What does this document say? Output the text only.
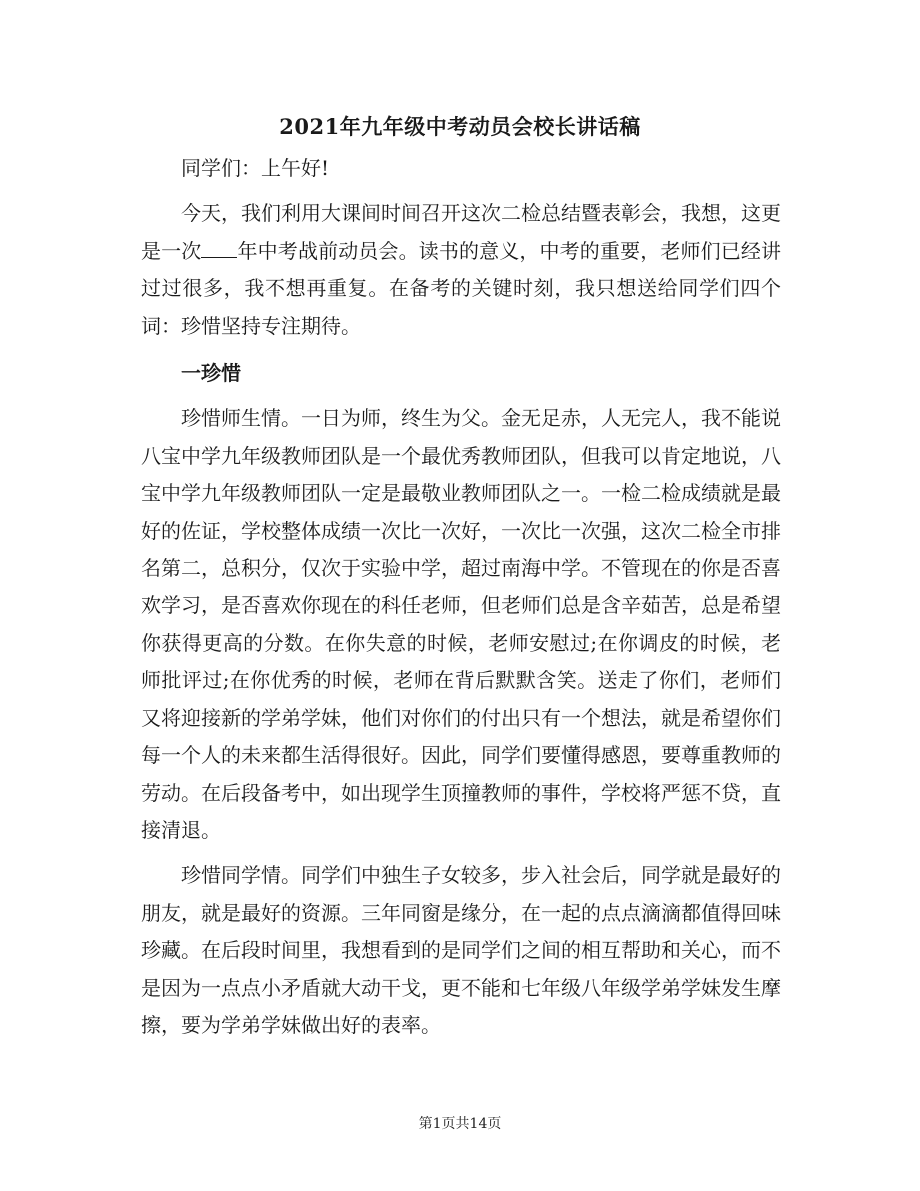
2021年九年级中考动员会校长讲话稿

同学们：上午好!

今天，我们利用大课间时间召开这次二检总结暨表彰会，我想，这更是一次 年中考战前动员会。读书的意义，中考的重要，老师们已经讲过过很多，我不想再重复。在备考的关键时刻，我只想送给同学们四个词：珍惜坚持专注期待。

一珍惜

珍惜师生情。一日为师，终生为父。金无足赤，人无完人，我不能说八宝中学九年级教师团队是一个最优秀教师团队，但我可以肯定地说，八宝中学九年级教师团队一定是最敬业教师团队之一。一检二检成绩就是最好的佐证，学校整体成绩一次比一次好，一次比一次强，这次二检全市排名第二，总积分，仅次于实验中学，超过南海中学。不管现在的你是否喜欢学习，是否喜欢你现在的科任老师，但老师们总是含辛茹苦，总是希望你获得更高的分数。在你失意的时候，老师安慰过;在你调皮的时候，老师批评过;在你优秀的时候，老师在背后默默含笑。送走了你们，老师们又将迎接新的学弟学妹，他们对你们的付出只有一个想法，就是希望你们每一个人的未来都生活得很好。因此，同学们要懂得感恩，要尊重教师的劳动。在后段备考中，如出现学生顶撞教师的事件，学校将严惩不贷，直接清退。

珍惜同学情。同学们中独生子女较多，步入社会后，同学就是最好的朋友，就是最好的资源。三年同窗是缘分，在一起的点点滴滴都值得回味珍藏。在后段时间里，我想看到的是同学们之间的相互帮助和关心，而不是因为一点点小矛盾就大动干戈，更不能和七年级八年级学弟学妹发生摩擦，要为学弟学妹做出好的表率。

第1页共14页
